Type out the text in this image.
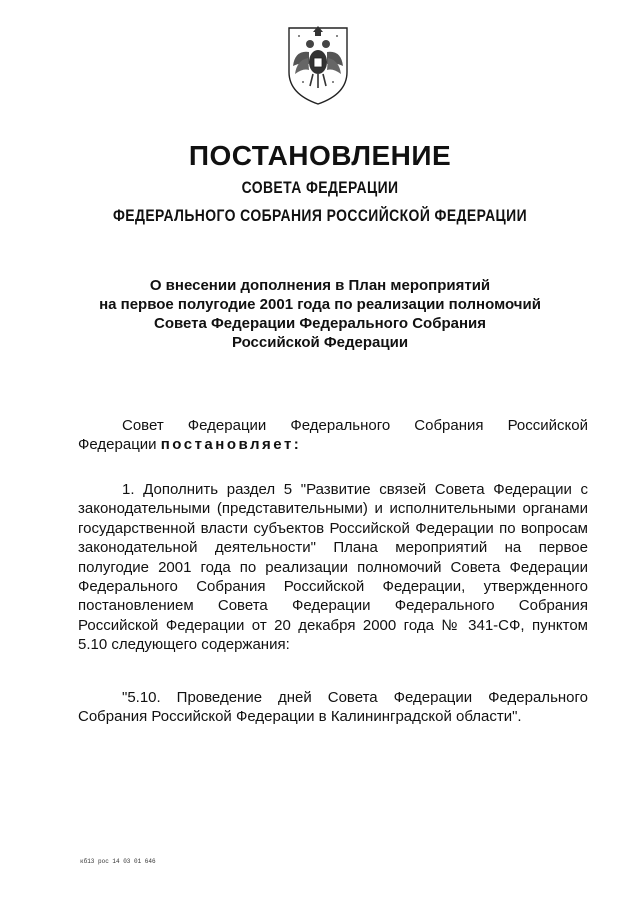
ПОСТАНОВЛЕНИЕ
СОВЕТА ФЕДЕРАЦИИ
ФЕДЕРАЛЬНОГО СОБРАНИЯ РОССИЙСКОЙ ФЕДЕРАЦИИ
О внесении дополнения в План мероприятий
на первое полугодие 2001 года по реализации полномочий
Совета Федерации Федерального Собрания
Российской Федерации
Совет Федерации Федерального Собрания Российской Федерации постановляет:
1. Дополнить раздел 5 "Развитие связей Совета Федерации с законодательными (представительными) и исполнительными органами государственной власти субъектов Российской Федерации по вопросам законодательной деятельности" Плана мероприятий на первое полугодие 2001 года по реализации полномочий Совета Федерации Федерального Собрания Российской Федерации, утвержденного постановлением Совета Федерации Федерального Собрания Российской Федерации от 20 декабря 2000 года № 341-СФ, пунктом 5.10 следующего содержания:
"5.10. Проведение дней Совета Федерации Федерального Собрания Российской Федерации в Калининградской области".
кб13 рос 14 03 01 646
